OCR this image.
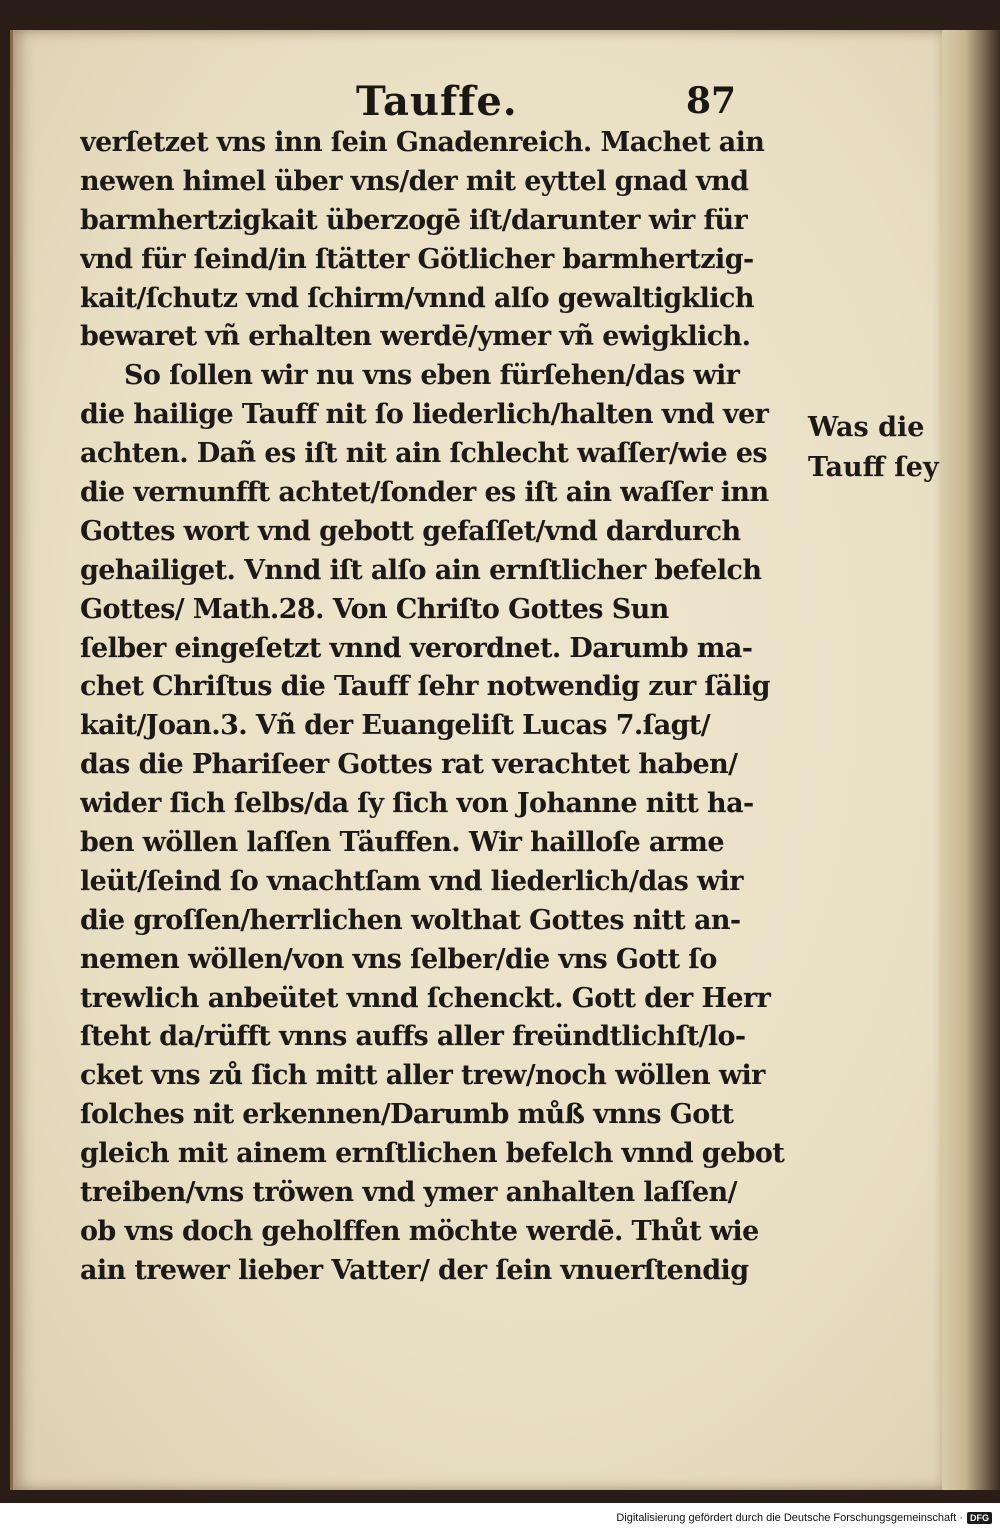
Tauffe.	87
verſetzet vns inn ſein Gnadenreich. Machet ain
newen himel über vns/der mit eyttel gnad vnd
barmhertzigkait überzogē iſt/darunter wir für
vnd für ſeind/in ſtätter Götlicher barmhertzig-
kait/ſchutz vnd ſchirm/vnnd alſo gewaltigklich
bewaret vñ erhalten werdē/ymer vñ ewigklich.
So ſollen wir nu vns eben fürſehen/das wir
die hailige Tauff nit ſo liederlich/halten vnd ver
achten. Dañ es iſt nit ain ſchlecht waſſer/wie es
die vernunfft achtet/ſonder es iſt ain waſſer inn
Gottes wort vnd gebott gefaſſet/vnd dardurch
gehailiget. Vnnd iſt alſo ain ernſtlicher befelch
Gottes/ Math.28. Von Chriſto Gottes Sun
ſelber eingeſetzt vnnd verordnet. Darumb ma-
chet Chriſtus die Tauff ſehr notwendig zur ſälig
kait/Joan.3. Vñ der Euangeliſt Lucas 7.ſagt/
das die Phariſeer Gottes rat verachtet haben/
wider ſich ſelbs/da ſy ſich von Johanne nitt ha-
ben wöllen laſſen Täuffen. Wir hailloſe arme
leüt/ſeind ſo vnachtſam vnd liederlich/das wir
die groſſen/herrlichen wolthat Gottes nitt an-
nemen wöllen/von vns ſelber/die vns Gott ſo
trewlich anbeütet vnnd ſchenckt. Gott der Herr
ſteht da/rüfft vnns auffs aller freündtlichſt/lo-
cket vns zů ſich mitt aller trew/noch wöllen wir
ſolches nit erkennen/Darumb můß vnns Gott
gleich mit ainem ernſtlichen befelch vnnd gebot
treiben/vns tröwen vnd ymer anhalten laſſen/
ob vns doch geholffen möchte werdē. Thůt wie
ain trewer lieber Vatter/ der ſein vnuerſtendig
Was die
Tauff ſey
Digitalisierung gefördert durch die Deutsche Forschungsgemeinschaft · DFG
